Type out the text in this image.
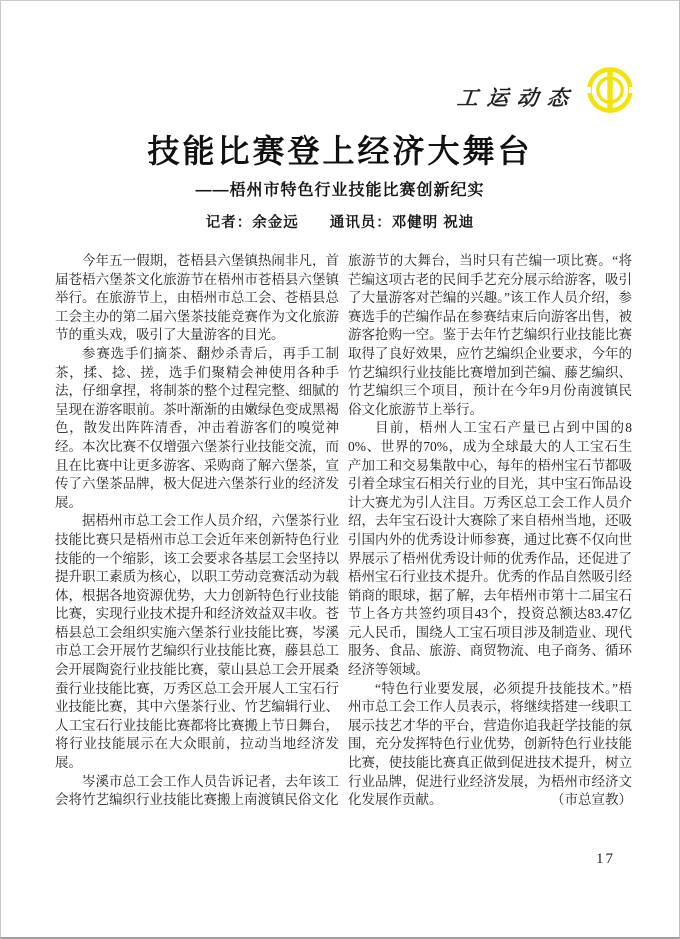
工运动态
技能比赛登上经济大舞台
——梧州市特色行业技能比赛创新纪实
记者：余金远　　通讯员：邓健明 祝迪

今年五一假期，苍梧县六堡镇热闹非凡，首届苍梧六堡茶文化旅游节在梧州市苍梧县六堡镇举行。在旅游节上，由梧州市总工会、苍梧县总工会主办的第二届六堡茶技能竞赛作为文化旅游节的重头戏，吸引了大量游客的目光。

参赛选手们摘茶、翻炒杀青后，再手工制茶，揉、捻、搓，选手们聚精会神使用各种手法，仔细拿捏，将制茶的整个过程完整、细腻的呈现在游客眼前。茶叶渐渐的由嫩绿色变成黑褐色，散发出阵阵清香，冲击着游客们的嗅觉神经。本次比赛不仅增强六堡茶行业技能交流，而且在比赛中让更多游客、采购商了解六堡茶，宣传了六堡茶品牌，极大促进六堡茶行业的经济发展。

据梧州市总工会工作人员介绍，六堡茶行业技能比赛只是梧州市总工会近年来创新特色行业技能的一个缩影，该工会要求各基层工会坚持以提升职工素质为核心，以职工劳动竞赛活动为载体，根据各地资源优势，大力创新特色行业技能比赛，实现行业技术提升和经济效益双丰收。苍梧县总工会组织实施六堡茶行业技能比赛，岑溪市总工会开展竹艺编织行业技能比赛，藤县总工会开展陶瓷行业技能比赛，蒙山县总工会开展桑蚕行业技能比赛，万秀区总工会开展人工宝石行业技能比赛，其中六堡茶行业、竹艺编辑行业、人工宝石行业技能比赛都将比赛搬上节日舞台，将行业技能展示在大众眼前，拉动当地经济发展。

岑溪市总工会工作人员告诉记者，去年该工会将竹艺编织行业技能比赛搬上南渡镇民俗文化

旅游节的大舞台，当时只有芒编一项比赛。“将芒编这项古老的民间手艺充分展示给游客，吸引了大量游客对芒编的兴趣。”该工作人员介绍，参赛选手的芒编作品在参赛结束后向游客出售，被游客抢购一空。鉴于去年竹艺编织行业技能比赛取得了良好效果，应竹艺编织企业要求，今年的竹艺编织行业技能比赛增加到芒编、藤艺编织、竹艺编织三个项目，预计在今年9月份南渡镇民俗文化旅游节上举行。

目前，梧州人工宝石产量已占到中国的80%、世界的70%，成为全球最大的人工宝石生产加工和交易集散中心，每年的梧州宝石节都吸引着全球宝石相关行业的目光，其中宝石饰品设计大赛尤为引人注目。万秀区总工会工作人员介绍，去年宝石设计大赛除了来自梧州当地，还吸引国内外的优秀设计师参赛，通过比赛不仅向世界展示了梧州优秀设计师的优秀作品，还促进了梧州宝石行业技术提升。优秀的作品自然吸引经销商的眼球，据了解，去年梧州市第十二届宝石节上各方共签约项目43个，投资总额达83.47亿元人民币，围绕人工宝石项目涉及制造业、现代服务、食品、旅游、商贸物流、电子商务、循环经济等领域。

“特色行业要发展，必须提升技能技术。”梧州市总工会工作人员表示，将继续搭建一线职工展示技艺才华的平台，营造你追我赶学技能的氛围，充分发挥特色行业优势，创新特色行业技能比赛，使技能比赛真正做到促进技术提升，树立行业品牌，促进行业经济发展，为梧州市经济文化发展作贡献。	（市总宣教）

17
